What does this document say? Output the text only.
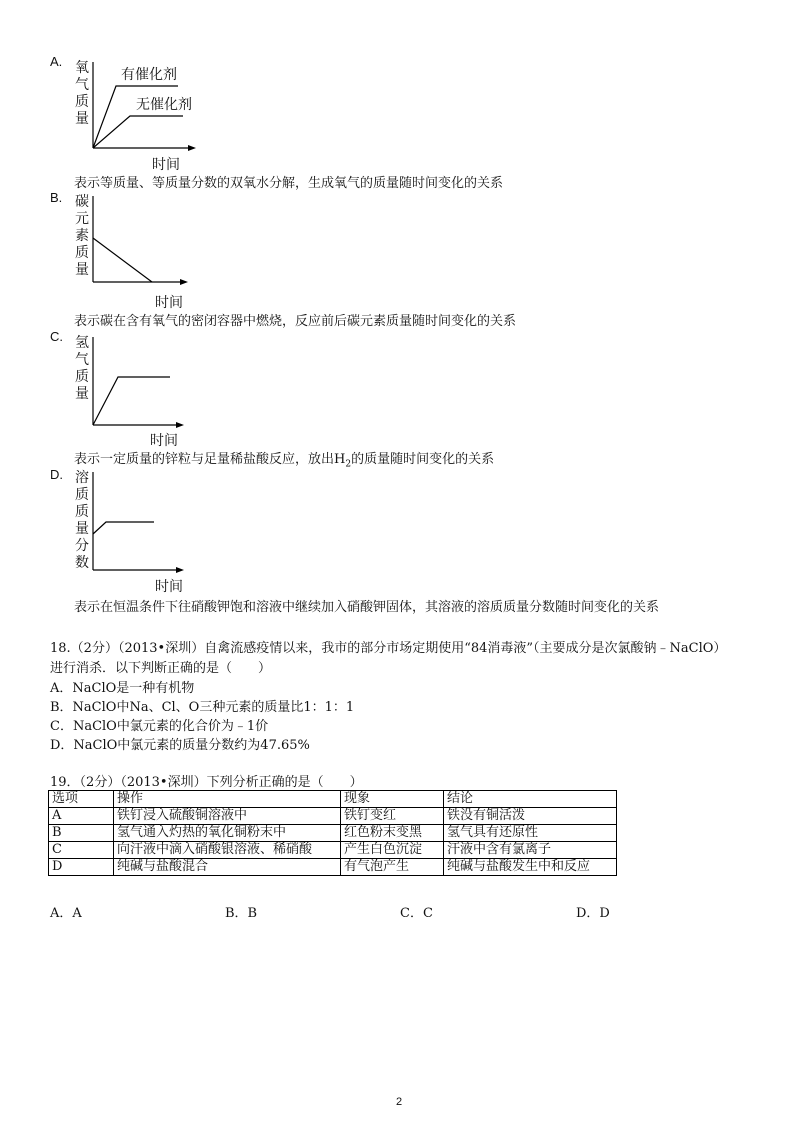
A. 氧
气
质
量
有催化剂
无催化剂
时间
表示等质量、等质量分数的双氧水分解，生成氧气的质量随时间变化的关系
B. 碳
元
素
质
量
时间
表示碳在含有氧气的密闭容器中燃烧，反应前后碳元素质量随时间变化的关系
C. 氢
气
质
量
时间
表示一定质量的锌粒与足量稀盐酸反应，放出$H_2$的质量随时间变化的关系
D. 溶
质
质
量
分
数
时间
表示在恒温条件下往硝酸钾饱和溶液中继续加入硝酸钾固体，其溶液的溶质质量分数随时间变化的关系
18.（2分）（2013•深圳）自禽流感疫情以来，我市的部分市场定期使用“84消毒液”（主要成分是次氯酸钠﹣NaClO）
进行消杀．以下判断正确的是（　　）
A．NaClO是一种有机物
B．NaClO中Na、Cl、O三种元素的质量比1：1：1
C．NaClO中氯元素的化合价为﹣1价
D．NaClO中氯元素的质量分数约为47.65%
19．（2分）（2013•深圳）下列分析正确的是（　　）
选项	操作	现象	结论
A	铁钉浸入硫酸铜溶液中	铁钉变红	铁没有铜活泼
B	氢气通入灼热的氧化铜粉末中	红色粉末变黑	氢气具有还原性
C	向汗液中滴入硝酸银溶液、稀硝酸	产生白色沉淀	汗液中含有氯离子
D	纯碱与盐酸混合	有气泡产生	纯碱与盐酸发生中和反应
A．A	B．B	C．C	D．D
2
